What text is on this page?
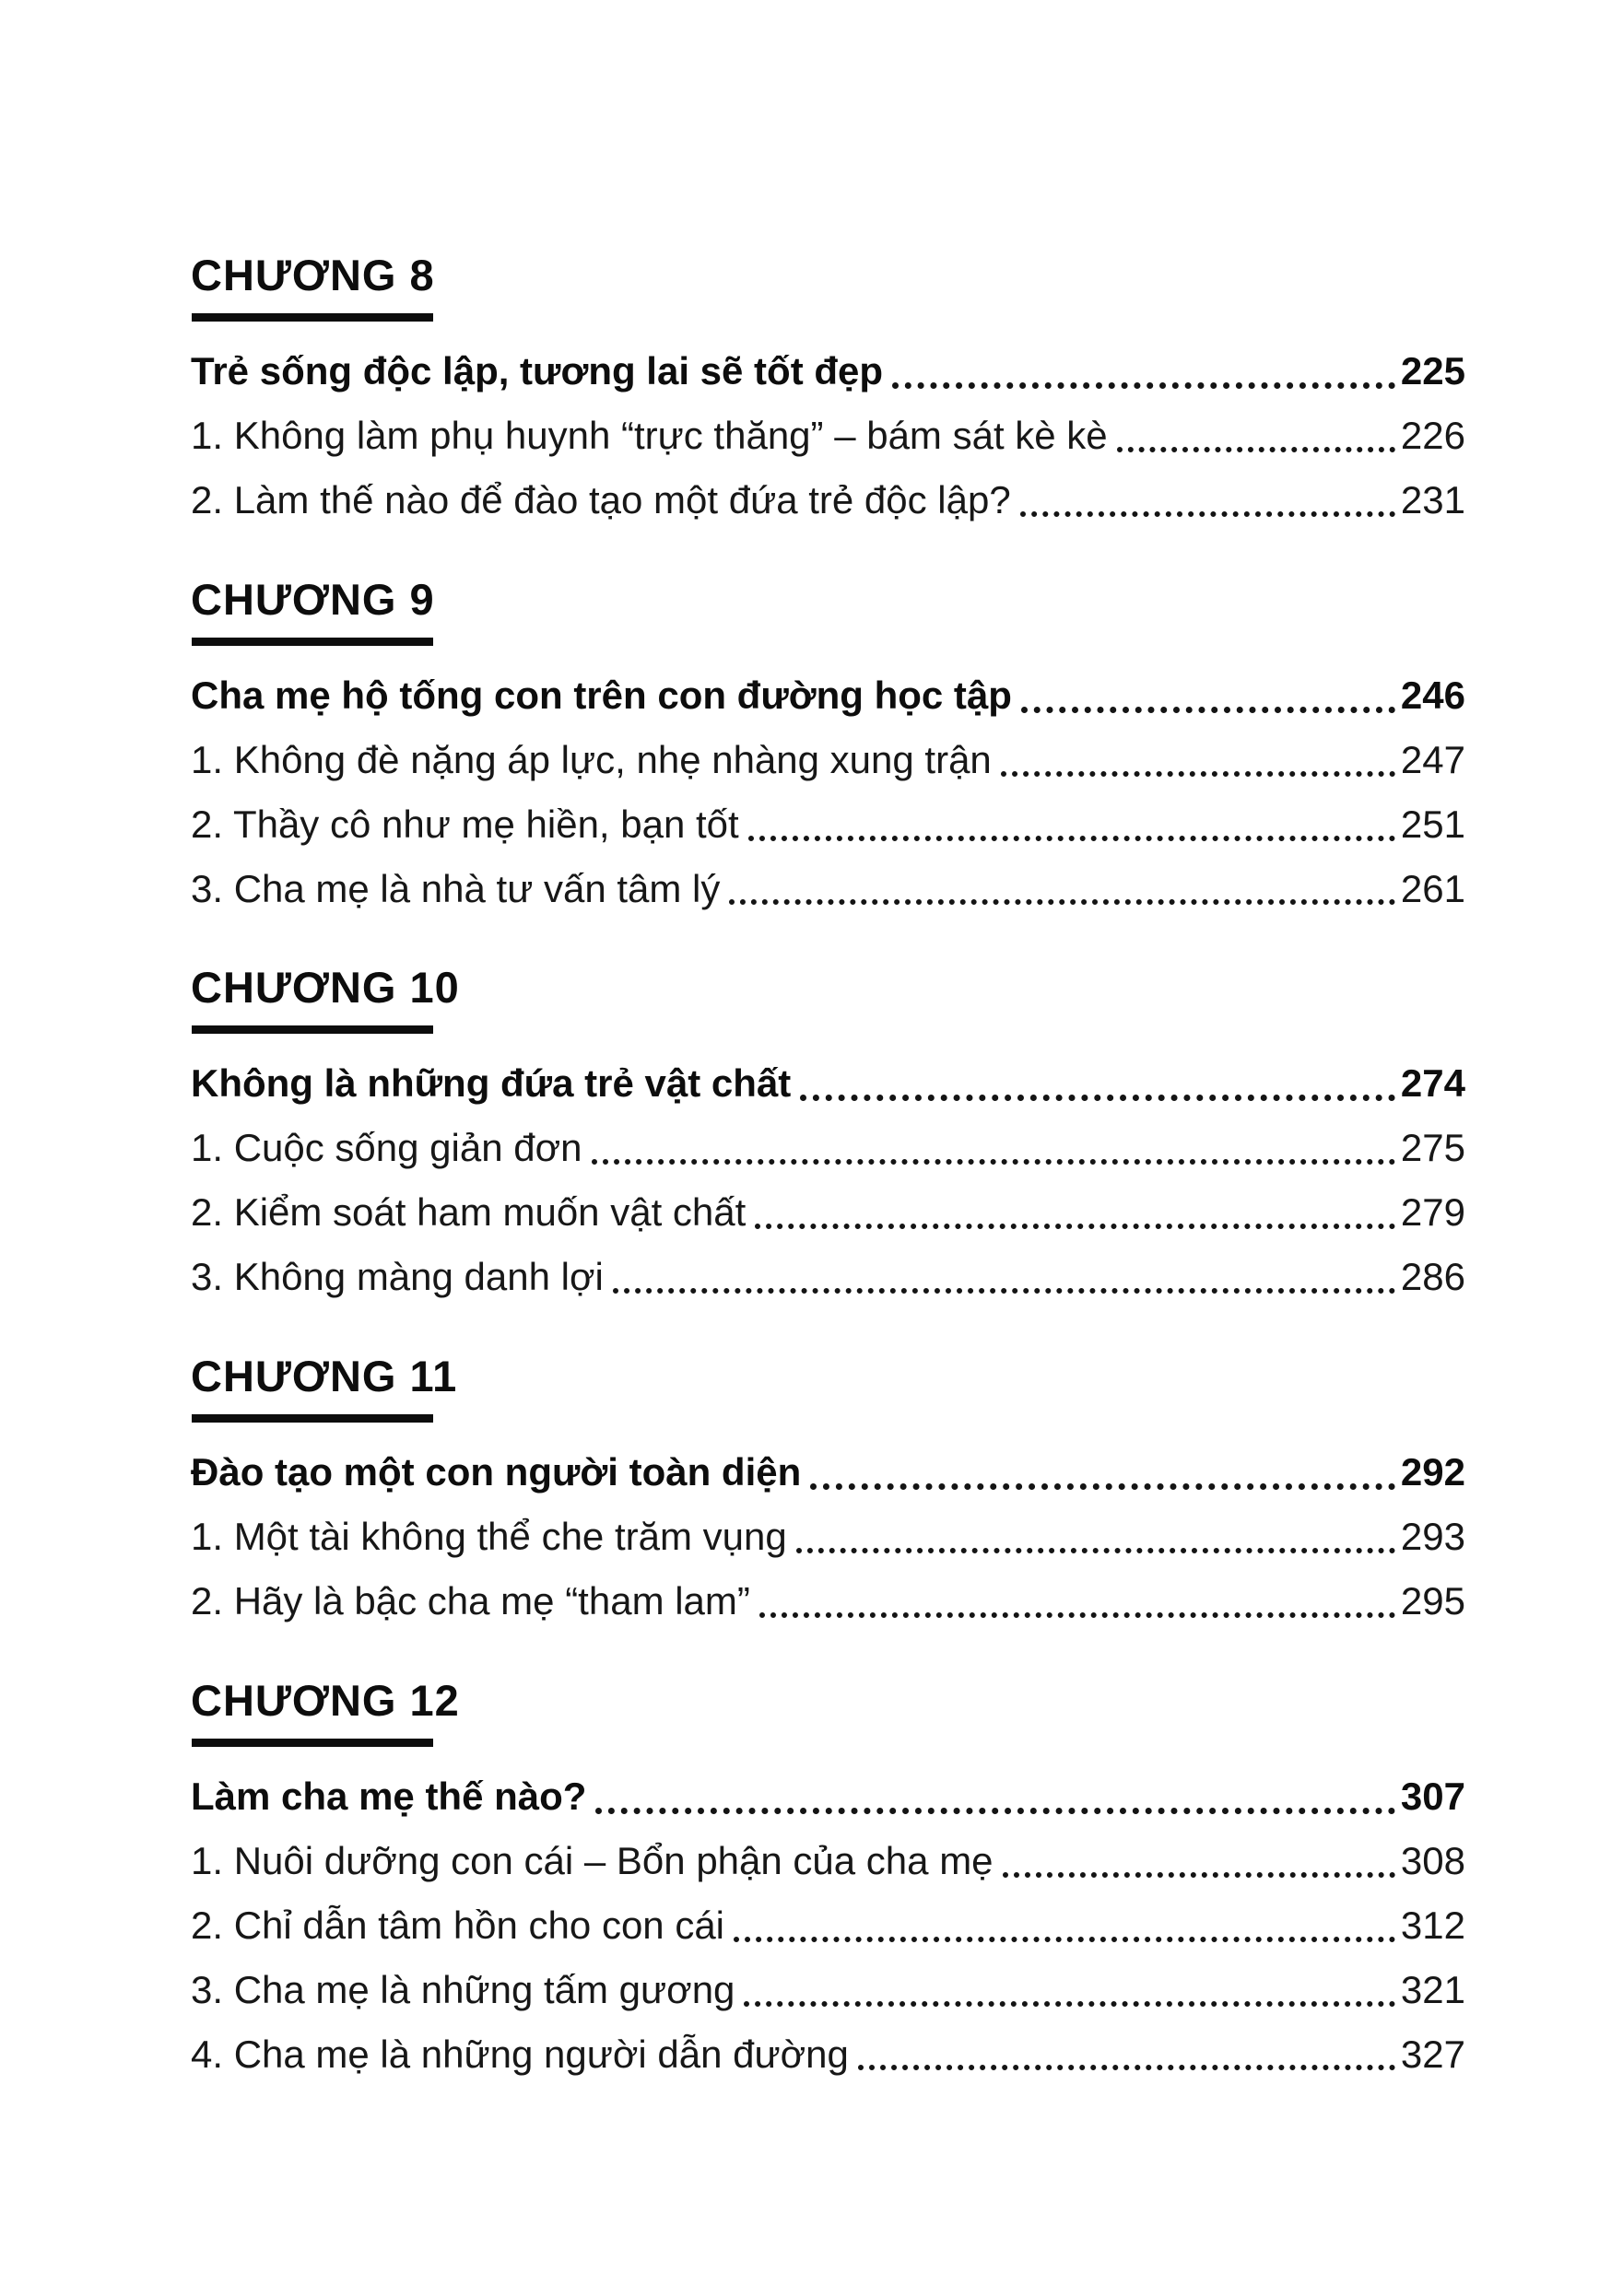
CHƯƠNG 8
Trẻ sống độc lập, tương lai sẽ tốt đẹp	225
1. Không làm phụ huynh “trực thăng” – bám sát kè kè	226
2. Làm thế nào để đào tạo một đứa trẻ độc lập?	231
CHƯƠNG 9
Cha mẹ hộ tống con trên con đường học tập	246
1. Không đè nặng áp lực, nhẹ nhàng xung trận	247
2. Thầy cô như mẹ hiền, bạn tốt	251
3. Cha mẹ là nhà tư vấn tâm lý	261
CHƯƠNG 10
Không là những đứa trẻ vật chất	274
1. Cuộc sống giản đơn	275
2. Kiểm soát ham muốn vật chất	279
3. Không màng danh lợi	286
CHƯƠNG 11
Đào tạo một con người toàn diện	292
1. Một tài không thể che trăm vụng	293
2. Hãy là bậc cha mẹ “tham lam”	295
CHƯƠNG 12
Làm cha mẹ thế nào?	307
1. Nuôi dưỡng con cái – Bổn phận của cha mẹ	308
2. Chỉ dẫn tâm hồn cho con cái	312
3. Cha mẹ là những tấm gương	321
4. Cha mẹ là những người dẫn đường	327
